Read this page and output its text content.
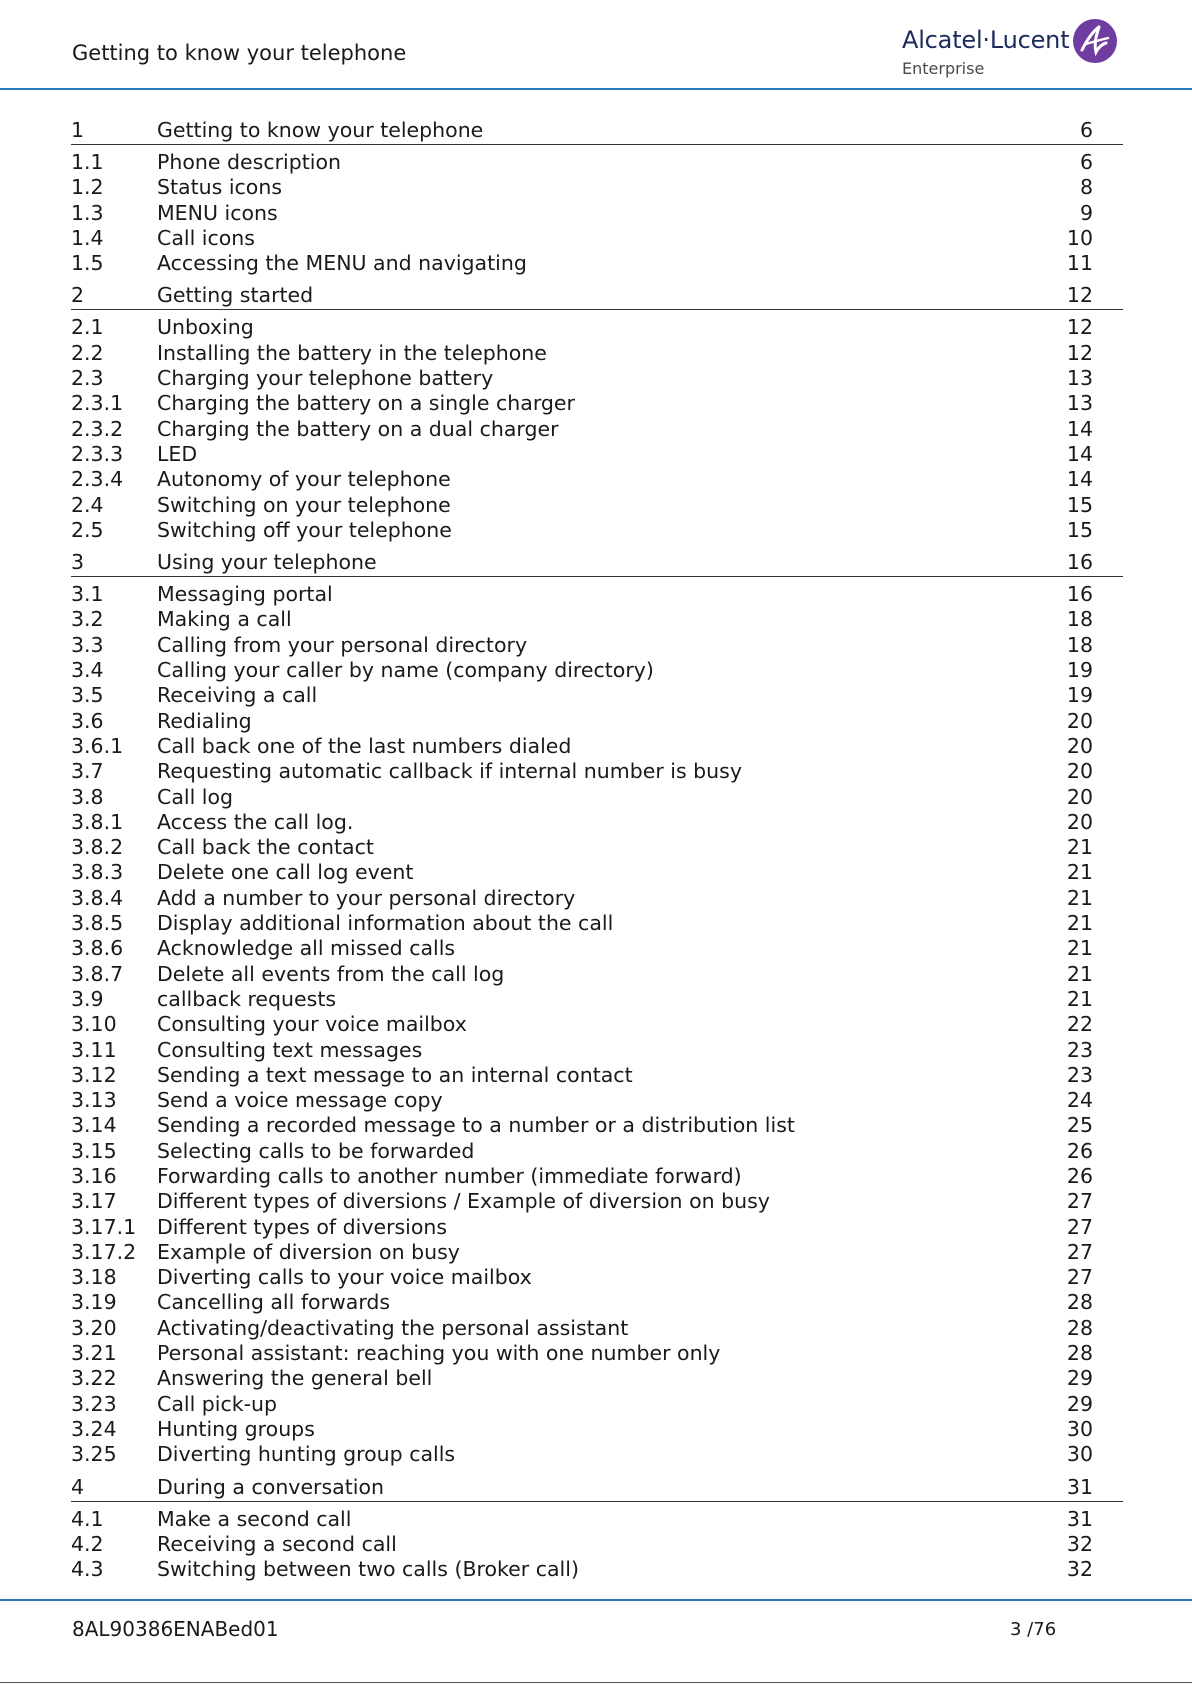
Getting to know your telephone	Alcatel·Lucent
Enterprise
1	Getting to know your telephone	6
1.1	Phone description	6
1.2	Status icons	8
1.3	MENU icons	9
1.4	Call icons	10
1.5	Accessing the MENU and navigating	11
2	Getting started	12
2.1	Unboxing	12
2.2	Installing the battery in the telephone	12
2.3	Charging your telephone battery	13
2.3.1 Charging the battery on a single charger	13
2.3.2 Charging the battery on a dual charger	14
2.3.3 LED	14
2.3.4 Autonomy of your telephone	14
2.4	Switching on your telephone	15
2.5	Switching off your telephone	15
3	Using your telephone	16
3.1	Messaging portal	16
3.2	Making a call	18
3.3	Calling from your personal directory	18
3.4	Calling your caller by name (company directory)	19
3.5	Receiving a call	19
3.6	Redialing	20
3.6.1 Call back one of the last numbers dialed	20
3.7	Requesting automatic callback if internal number is busy	20
3.8	Call log	20
3.8.1 Access the call log.	20
3.8.2 Call back the contact	21
3.8.3 Delete one call log event	21
3.8.4 Add a number to your personal directory	21
3.8.5 Display additional information about the call	21
3.8.6 Acknowledge all missed calls	21
3.8.7 Delete all events from the call log	21
3.9	callback requests	21
3.10 Consulting your voice mailbox	22
3.11 Consulting text messages	23
3.12 Sending a text message to an internal contact	23
3.13 Send a voice message copy	24
3.14 Sending a recorded message to a number or a distribution list	25
3.15 Selecting calls to be forwarded	26
3.16 Forwarding calls to another number (immediate forward)	26
3.17 Different types of diversions / Example of diversion on busy	27
3.17.1 Different types of diversions	27
3.17.2 Example of diversion on busy	27
3.18 Diverting calls to your voice mailbox	27
3.19 Cancelling all forwards	28
3.20 Activating/deactivating the personal assistant	28
3.21 Personal assistant: reaching you with one number only	28
3.22 Answering the general bell	29
3.23 Call pick-up	29
3.24 Hunting groups	30
3.25 Diverting hunting group calls	30
4	During a conversation	31
4.1	Make a second call	31
4.2	Receiving a second call	32
4.3	Switching between two calls (Broker call)	32
8AL90386ENABed01	3 /76
